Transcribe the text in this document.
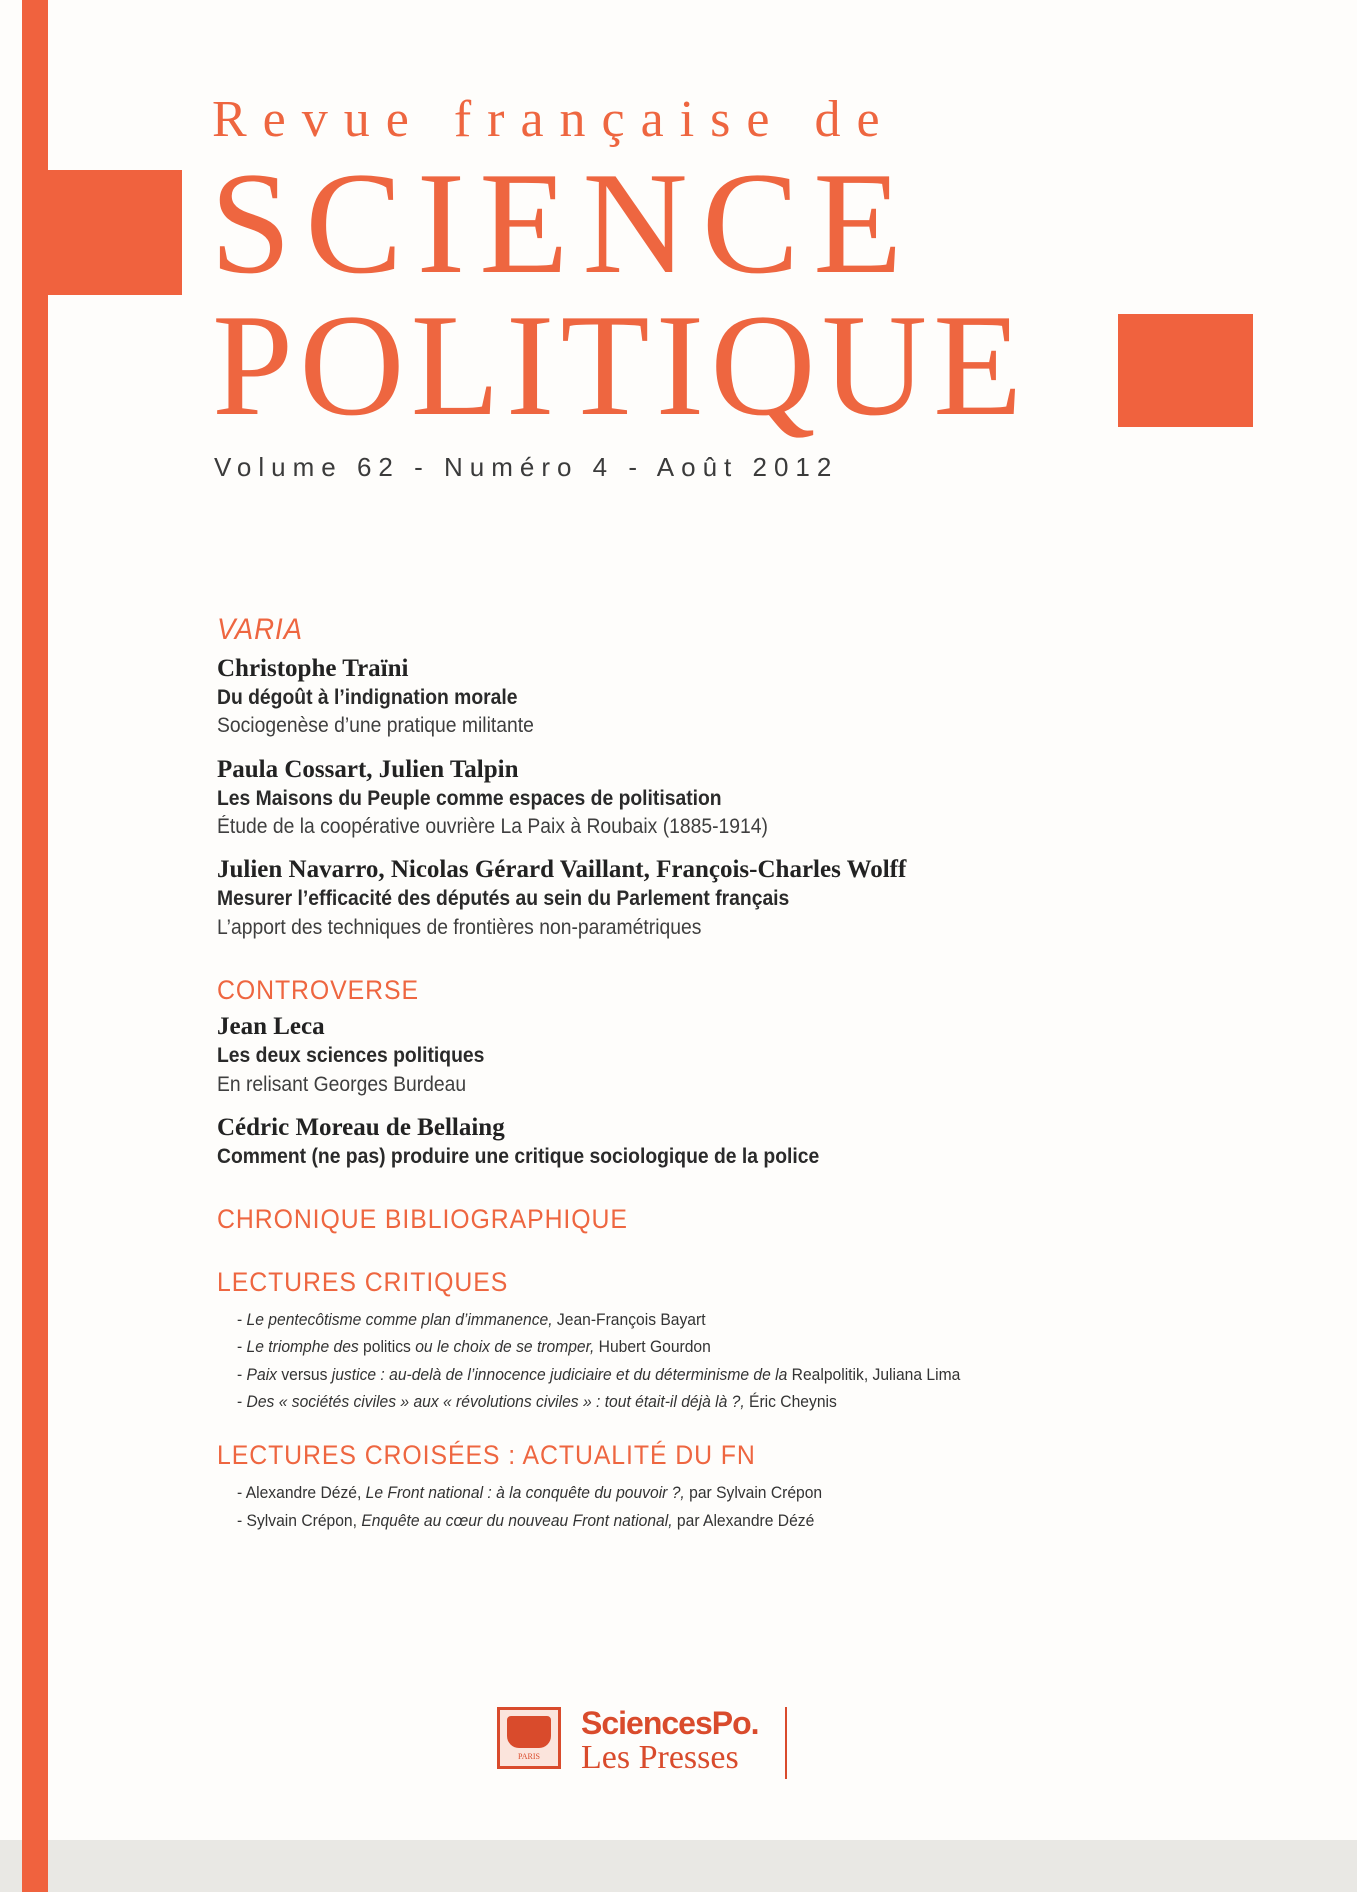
Revue française de
SCIENCE
POLITIQUE
Volume 62 - Numéro 4 - Août 2012
VARIA
Christophe Traïni
Du dégoût à l’indignation morale
Sociogenèse d’une pratique militante
Paula Cossart, Julien Talpin
Les Maisons du Peuple comme espaces de politisation
Étude de la coopérative ouvrière La Paix à Roubaix (1885-1914)
Julien Navarro, Nicolas Gérard Vaillant, François-Charles Wolff
Mesurer l’efficacité des députés au sein du Parlement français
L’apport des techniques de frontières non-paramétriques
CONTROVERSE
Jean Leca
Les deux sciences politiques
En relisant Georges Burdeau
Cédric Moreau de Bellaing
Comment (ne pas) produire une critique sociologique de la police
CHRONIQUE BIBLIOGRAPHIQUE
LECTURES CRITIQUES
- Le pentecôtisme comme plan d’immanence, Jean-François Bayart
- Le triomphe des politics ou le choix de se tromper, Hubert Gourdon
- Paix versus justice : au-delà de l’innocence judiciaire et du déterminisme de la Realpolitik, Juliana Lima
- Des « sociétés civiles » aux « révolutions civiles » : tout était-il déjà là ?, Éric Cheynis
LECTURES CROISÉES : ACTUALITÉ DU FN
- Alexandre Dézé, Le Front national : à la conquête du pouvoir ?, par Sylvain Crépon
- Sylvain Crépon, Enquête au cœur du nouveau Front national, par Alexandre Dézé
PARIS
SciencesPo.
Les Presses
